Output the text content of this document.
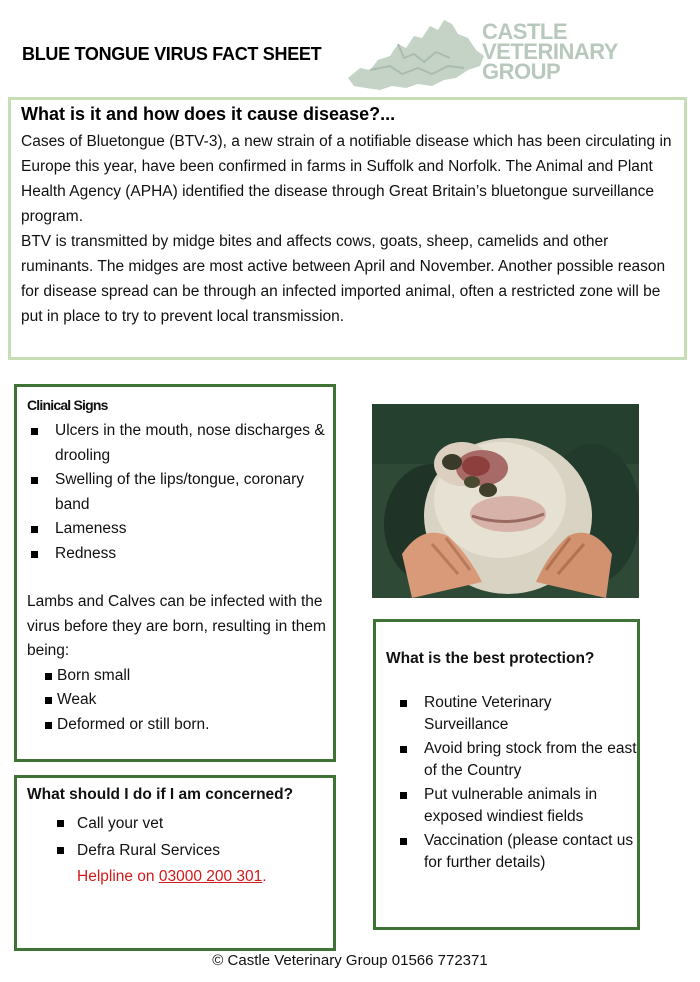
BLUE TONGUE VIRUS FACT SHEET
CASTLE
VETERINARY
GROUP
What is it and how does it cause disease?...

Cases of Bluetongue (BTV-3), a new strain of a notifiable disease which has been circulating in Europe this year, have been confirmed in farms in Suffolk and Norfolk. The Animal and Plant Health Agency (APHA) identified the disease through Great Britain’s bluetongue surveillance program.

BTV is transmitted by midge bites and affects cows, goats, sheep, camelids and other ruminants. The midges are most active between April and November. Another possible reason for disease spread can be through an infected imported animal, often a restricted zone will be put in place to try to prevent local transmission.

Clinical Signs
Ulcers in the mouth, nose discharges & drooling
Swelling of the lips/tongue, coronary band
Lameness
Redness

Lambs and Calves can be infected with the virus before they are born, resulting in them being:

Born small
Weak
Deformed or still born.
What is the best protection?
Routine Veterinary Surveillance
Avoid bring stock from the east of the Country
Put vulnerable animals in exposed windiest fields
Vaccination (please contact us for further details)
What should I do if I am concerned?
Call your vet
Defra Rural Services
Helpline on 03000 200 301.
© Castle Veterinary Group 01566 772371
